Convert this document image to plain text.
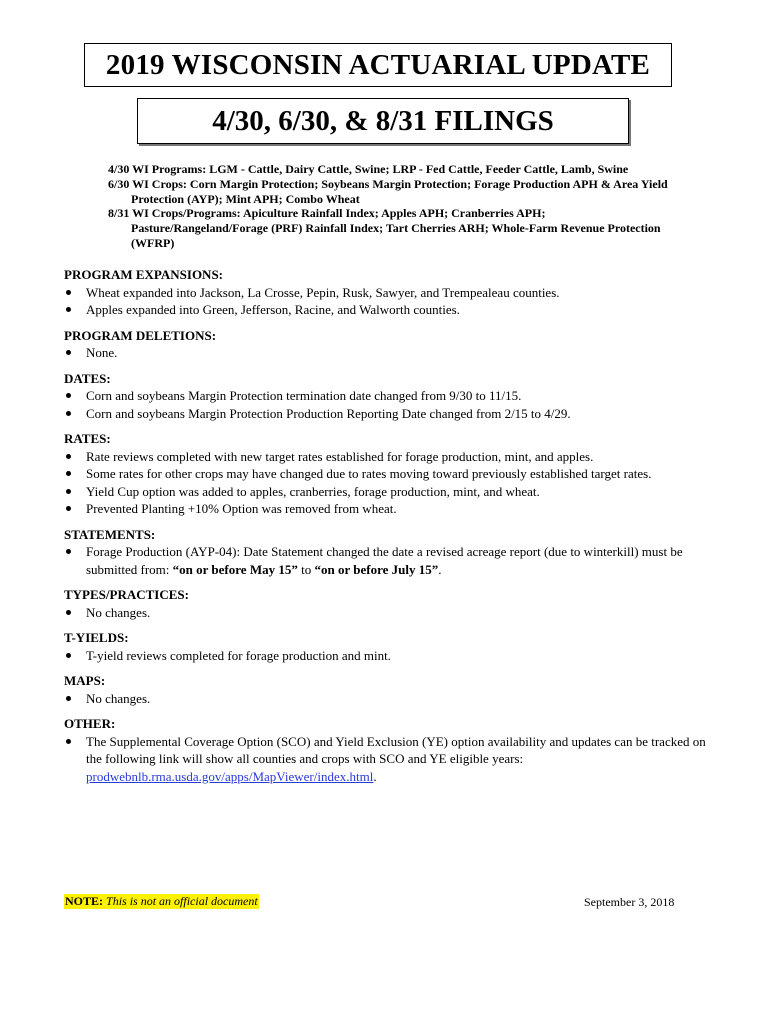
2019 WISCONSIN ACTUARIAL UPDATE
4/30, 6/30, & 8/31 FILINGS
4/30 WI Programs: LGM - Cattle, Dairy Cattle, Swine; LRP - Fed Cattle, Feeder Cattle, Lamb, Swine
6/30 WI Crops: Corn Margin Protection; Soybeans Margin Protection; Forage Production APH & Area Yield
Protection (AYP); Mint APH; Combo Wheat
8/31 WI Crops/Programs: Apiculture Rainfall Index; Apples APH; Cranberries APH;
Pasture/Rangeland/Forage (PRF) Rainfall Index; Tart Cherries ARH; Whole-Farm Revenue Protection
(WFRP)
PROGRAM EXPANSIONS:
Wheat expanded into Jackson, La Crosse, Pepin, Rusk, Sawyer, and Trempealeau counties.
Apples expanded into Green, Jefferson, Racine, and Walworth counties.
PROGRAM DELETIONS:
None.
DATES:
Corn and soybeans Margin Protection termination date changed from 9/30 to 11/15.
Corn and soybeans Margin Protection Production Reporting Date changed from 2/15 to 4/29.
RATES:
Rate reviews completed with new target rates established for forage production, mint, and apples.
Some rates for other crops may have changed due to rates moving toward previously established target rates.
Yield Cup option was added to apples, cranberries, forage production, mint, and wheat.
Prevented Planting +10% Option was removed from wheat.
STATEMENTS:
Forage Production (AYP-04): Date Statement changed the date a revised acreage report (due to winterkill) must be submitted from: “on or before May 15” to “on or before July 15”.
TYPES/PRACTICES:
No changes.
T-YIELDS:
T-yield reviews completed for forage production and mint.
MAPS:
No changes.
OTHER:
The Supplemental Coverage Option (SCO) and Yield Exclusion (YE) option availability and updates can be tracked on the following link will show all counties and crops with SCO and YE eligible years: prodwebnlb.rma.usda.gov/apps/MapViewer/index.html.
NOTE: This is not an official document	September 3, 2018
